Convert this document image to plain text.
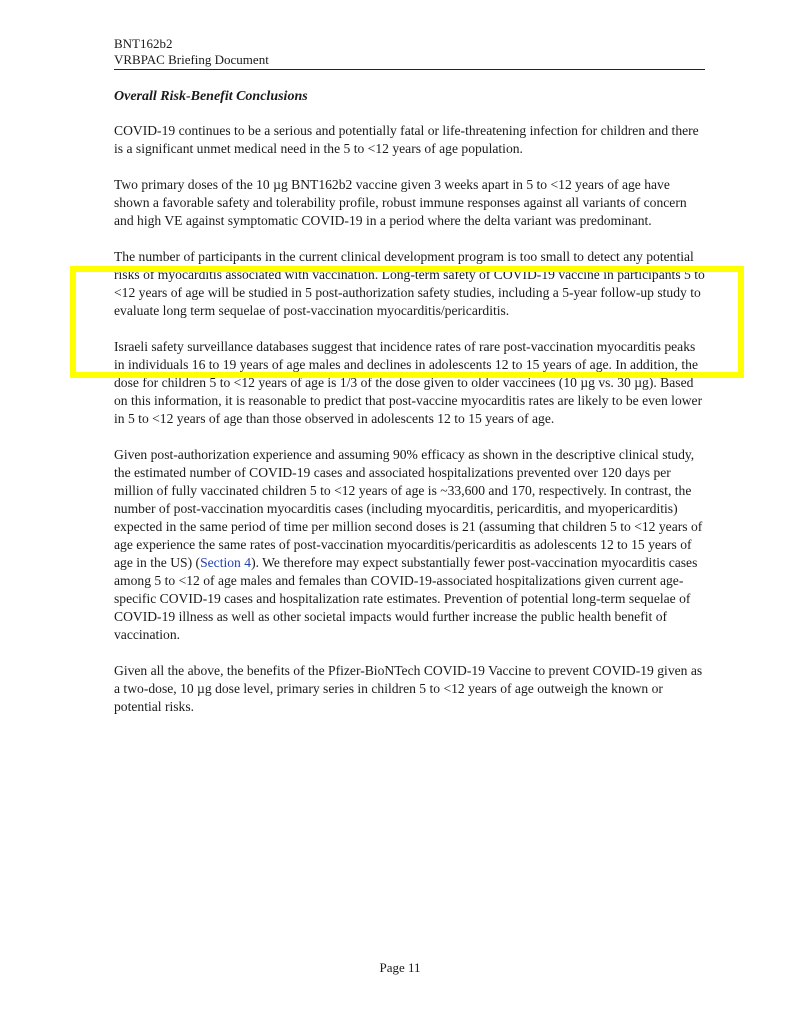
BNT162b2
VRBPAC Briefing Document

Overall Risk-Benefit Conclusions

COVID-19 continues to be a serious and potentially fatal or life-threatening infection for children and there is a significant unmet medical need in the 5 to <12 years of age population.

Two primary doses of the 10 µg BNT162b2 vaccine given 3 weeks apart in 5 to <12 years of age have shown a favorable safety and tolerability profile, robust immune responses against all variants of concern and high VE against symptomatic COVID-19 in a period where the delta variant was predominant.

The number of participants in the current clinical development program is too small to detect any potential risks of myocarditis associated with vaccination. Long-term safety of COVID-19 vaccine in participants 5 to <12 years of age will be studied in 5 post-authorization safety studies, including a 5-year follow-up study to evaluate long term sequelae of post-vaccination myocarditis/pericarditis.

Israeli safety surveillance databases suggest that incidence rates of rare post-vaccination myocarditis peaks in individuals 16 to 19 years of age males and declines in adolescents 12 to 15 years of age. In addition, the dose for children 5 to <12 years of age is 1/3 of the dose given to older vaccinees (10 µg vs. 30 µg). Based on this information, it is reasonable to predict that post-vaccine myocarditis rates are likely to be even lower in 5 to <12 years of age than those observed in adolescents 12 to 15 years of age.

Given post-authorization experience and assuming 90% efficacy as shown in the descriptive clinical study, the estimated number of COVID-19 cases and associated hospitalizations prevented over 120 days per million of fully vaccinated children 5 to <12 years of age is ~33,600 and 170, respectively. In contrast, the number of post-vaccination myocarditis cases (including myocarditis, pericarditis, and myopericarditis) expected in the same period of time per million second doses is 21 (assuming that children 5 to <12 years of age experience the same rates of post-vaccination myocarditis/pericarditis as adolescents 12 to 15 years of age in the US) (Section 4). We therefore may expect substantially fewer post-vaccination myocarditis cases among 5 to <12 of age males and females than COVID-19-associated hospitalizations given current age-specific COVID-19 cases and hospitalization rate estimates. Prevention of potential long-term sequelae of COVID-19 illness as well as other societal impacts would further increase the public health benefit of vaccination.

Given all the above, the benefits of the Pfizer-BioNTech COVID-19 Vaccine to prevent COVID-19 given as a two-dose, 10 µg dose level, primary series in children 5 to <12 years of age outweigh the known or potential risks.

Page 11
